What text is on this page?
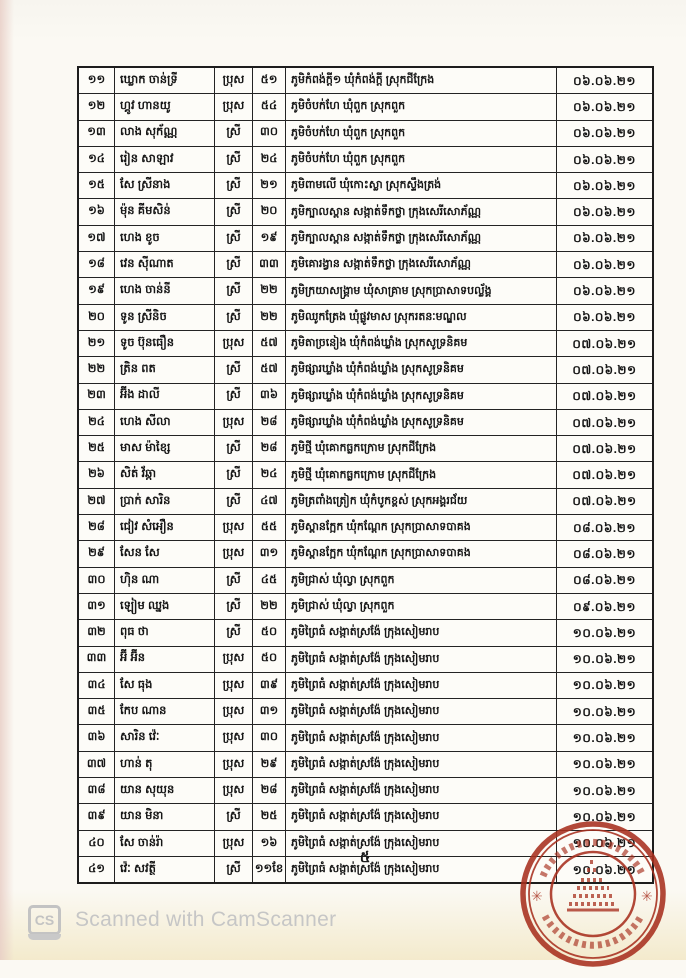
១១	ឃ្លោក ចាន់ទ្រី	ប្រុស	៥១	ភូមិកំពង់ក្ដី១ ឃុំកំពង់ក្ដី ស្រុកជីក្រែង	០៦.០៦.២១
១២	ហ្គូវ ហានយូ	ប្រុស	៥៤	ភូមិចំបក់ហែ ឃុំពួក ស្រុកពួក	០៦.០៦.២១
១៣	លាង សុក័ណ្ណ	ស្រី	៣០	ភូមិចំបក់ហែ ឃុំពួក ស្រុកពួក	០៦.០៦.២១
១៤	រៀន សាឡាវ	ស្រី	២៤	ភូមិចំបក់ហែ ឃុំពួក ស្រុកពួក	០៦.០៦.២១
១៥	សែ ស្រីនាង	ស្រី	២១	ភូមិពាមលើ ឃុំកោះស្លា ស្រុកស្ទឹងត្រង់	០៦.០៦.២១
១៦	ម៉ុន គីមសិន់	ស្រី	២០	ភូមិក្បាលស្ពាន សង្កាត់ទឹកថ្លា ក្រុងសេរីសោភ័ណ្ណ	០៦.០៦.២១
១៧	ហេង ខូច	ស្រី	១៩	ភូមិក្បាលស្ពាន សង្កាត់ទឹកថ្លា ក្រុងសេរីសោភ័ណ្ណ	០៦.០៦.២១
១៨	វេន ស៊ីណាត	ស្រី	៣៣	ភូមិគោរង្វាន សង្កាត់ទឹកថ្លា ក្រុងសេរីសោភ័ណ្ណ	០៦.០៦.២១
១៩	ហេង ចាន់នី	ស្រី	២២	ភូមិក្រយាសង្គ្រាម ឃុំសាគ្រាម ស្រុកប្រាសាទបល្ល័ង្គ	០៦.០៦.២១
២០	ទូន ស្រីនិច	ស្រី	២២	ភូមិឈូកត្រែង ឃុំផ្លូវមាស ស្រុករតនៈមណ្ឌល	០៦.០៦.២១
២១	ទូច ប៊ុនធឿន	ប្រុស	៥៧	ភូមិតាច្រនៀង ឃុំកំពង់ឃ្លាំង ស្រុកសូទ្រនិគម	០៧.០៦.២១
២២	ត្រិន ពត	ស្រី	៥៧	ភូមិផ្សារឃ្លាំង ឃុំកំពង់ឃ្លាំង ស្រុកសូទ្រនិគម	០៧.០៦.២១
២៣	អ៊ីង ដាលី	ស្រី	៣៦	ភូមិផ្សារឃ្លាំង ឃុំកំពង់ឃ្លាំង ស្រុកសូទ្រនិគម	០៧.០៦.២១
២៤	ហេង សីលា	ប្រុស	២៨	ភូមិផ្សារឃ្លាំង ឃុំកំពង់ឃ្លាំង ស្រុកសូទ្រនិគម	០៧.០៦.២១
២៥	មាស ម៉ាខ្សៃ	ស្រី	២៨	ភូមិថ្មី ឃុំគោកធ្លកក្រោម ស្រុកជីក្រែង	០៧.០៦.២១
២៦	សិត់ វ័ឆ្កា	ស្រី	២៤	ភូមិថ្មី ឃុំគោកធ្លកក្រោម ស្រុកជីក្រែង	០៧.០៦.២១
២៧	ប្រាក់ សារិន	ស្រី	៤៧	ភូមិត្រពាំងត្រៀក ឃុំកំបូកខ្ពស់ ស្រុកអង្គរជ័យ	០៧.០៦.២១
២៨	ជៀវ សំអឿន	ប្រុស	៥៥	ភូមិស្ពានក្អែក ឃុំកណ្ដែក ស្រុកប្រាសាទបាគង	០៨.០៦.២១
២៩	សែន សែ	ប្រុស	៣១	ភូមិស្ពានក្អែក ឃុំកណ្ដែក ស្រុកប្រាសាទបាគង	០៨.០៦.២១
៣០	ហ៊ិន ណា	ស្រី	៤៥	ភូមិជ្រាស់ ឃុំល្វា ស្រុកពួក	០៨.០៦.២១
៣១	ឡៀម ឈ្នង	ស្រី	២២	ភូមិជ្រាស់ ឃុំល្វា ស្រុកពួក	០៩.០៦.២១
៣២	ពុធ ថា	ស្រី	៥០	ភូមិព្រៃធំ សង្កាត់ស្រង៉ែ ក្រុងសៀមរាប	១០.០៦.២១
៣៣	អ៊ី អ៊ីន	ប្រុស	៥០	ភូមិព្រៃធំ សង្កាត់ស្រង៉ែ ក្រុងសៀមរាប	១០.០៦.២១
៣៤	សែ ធុង	ប្រុស	៣៩	ភូមិព្រៃធំ សង្កាត់ស្រង៉ែ ក្រុងសៀមរាប	១០.០៦.២១
៣៥	កែប ណាន	ប្រុស	៣១	ភូមិព្រៃធំ សង្កាត់ស្រង៉ែ ក្រុងសៀមរាប	១០.០៦.២១
៣៦	សារិន វ៉េៈ	ប្រុស	៣០	ភូមិព្រៃធំ សង្កាត់ស្រង៉ែ ក្រុងសៀមរាប	១០.០៦.២១
៣៧	ហាន់ តុ	ប្រុស	២៩	ភូមិព្រៃធំ សង្កាត់ស្រង៉ែ ក្រុងសៀមរាប	១០.០៦.២១
៣៨	យាន សុយុន	ប្រុស	២៨	ភូមិព្រៃធំ សង្កាត់ស្រង៉ែ ក្រុងសៀមរាប	១០.០៦.២១
៣៩	យាន មិនា	ស្រី	២៥	ភូមិព្រៃធំ សង្កាត់ស្រង៉ែ ក្រុងសៀមរាប	១០.០៦.២១
៤០	សែ ចាន់រ៉ា	ប្រុស	១៦	ភូមិព្រៃធំ សង្កាត់ស្រង៉ែ ក្រុងសៀមរាប	១០.០៦.២១
៤១	វ៉េៈ សវត្ថី	ស្រី	១១ខែ ភូមិព្រៃធំ សង្កាត់ស្រង៉ែ ក្រុងសៀមរាប	១០.០៦.២១
៥
✳	✳
CS Scanned with CamScanner
